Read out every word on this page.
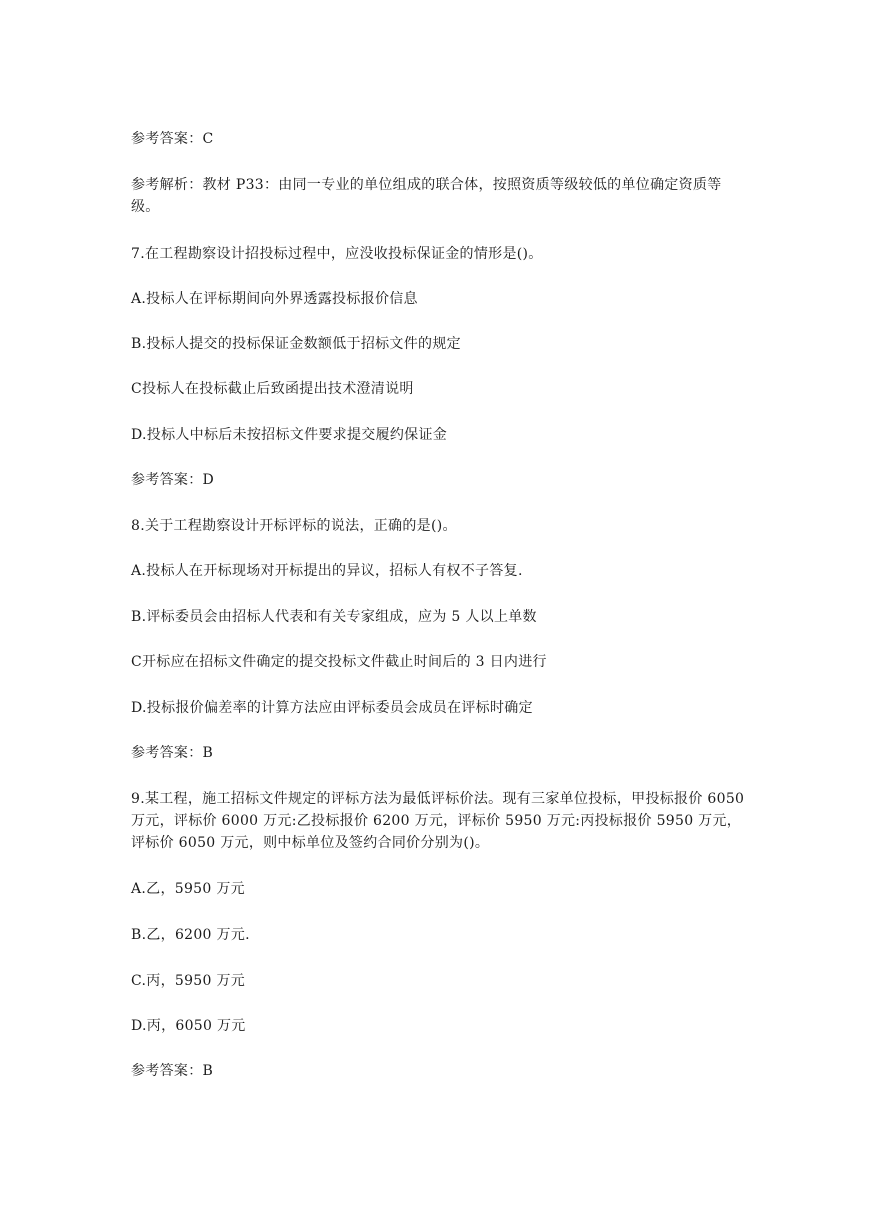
参考答案：C
参考解析：教材 P33：由同一专业的单位组成的联合体，按照资质等级较低的单位确定资质等级。
7.在工程勘察设计招投标过程中，应没收投标保证金的情形是()。
A.投标人在评标期间向外界透露投标报价信息
B.投标人提交的投标保证金数额低于招标文件的规定
C投标人在投标截止后致函提出技术澄清说明
D.投标人中标后未按招标文件要求提交履约保证金
参考答案：D
8.关于工程勘察设计开标评标的说法，正确的是()。
A.投标人在开标现场对开标提出的异议，招标人有权不子答复.
B.评标委员会由招标人代表和有关专家组成，应为 5 人以上单数
C开标应在招标文件确定的提交投标文件截止时间后的 3 日内进行
D.投标报价偏差率的计算方法应由评标委员会成员在评标时确定
参考答案：B
9.某工程，施工招标文件规定的评标方法为最低评标价法。现有三家单位投标，甲投标报价 6050 万元，评标价 6000 万元:乙投标报价 6200 万元，评标价 5950 万元:丙投标报价 5950 万元，评标价 6050 万元，则中标单位及签约合同价分别为()。
A.乙，5950 万元
B.乙，6200 万元.
C.丙，5950 万元
D.丙，6050 万元
参考答案：B
